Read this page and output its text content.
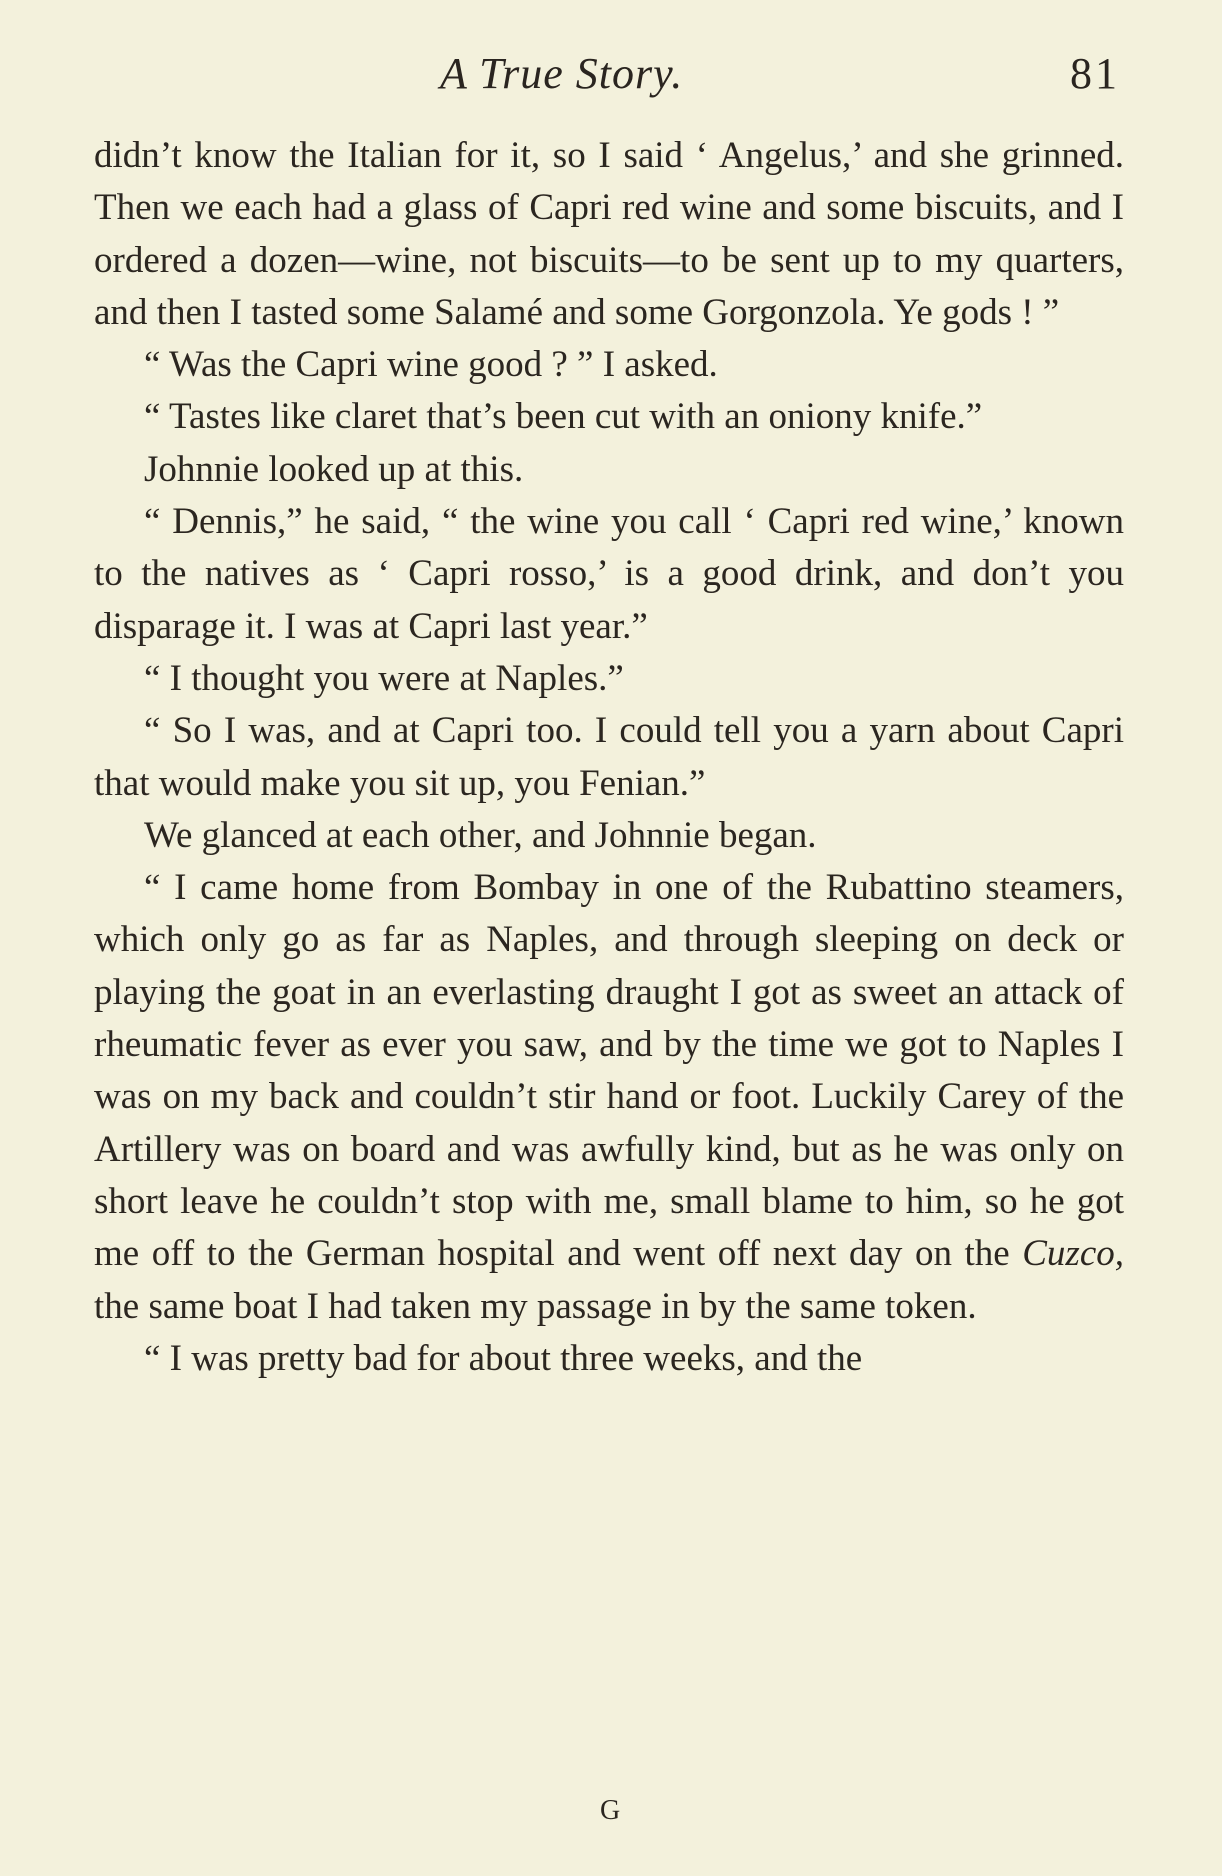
A True Story.	81

didn’t know the Italian for it, so I said ‘ Angelus,’ and she grinned. Then we each had a glass of Capri red wine and some biscuits, and I ordered a dozen—wine, not biscuits—to be sent up to my quarters, and then I tasted some Salamé and some Gorgonzola. Ye gods ! ”

“ Was the Capri wine good ? ” I asked.

“ Tastes like claret that’s been cut with an oniony knife.”

Johnnie looked up at this.

“ Dennis,” he said, “ the wine you call ‘ Capri red wine,’ known to the natives as ‘ Capri rosso,’ is a good drink, and don’t you disparage it. I was at Capri last year.”

“ I thought you were at Naples.”

“ So I was, and at Capri too. I could tell you a yarn about Capri that would make you sit up, you Fenian.”

We glanced at each other, and Johnnie began.

“ I came home from Bombay in one of the Rubattino steamers, which only go as far as Naples, and through sleeping on deck or playing the goat in an everlasting draught I got as sweet an attack of rheumatic fever as ever you saw, and by the time we got to Naples I was on my back and couldn’t stir hand or foot. Luckily Carey of the Artillery was on board and was awfully kind, but as he was only on short leave he couldn’t stop with me, small blame to him, so he got me off to the German hospital and went off next day on the Cuzco, the same boat I had taken my passage in by the same token.

“ I was pretty bad for about three weeks, and the

G
